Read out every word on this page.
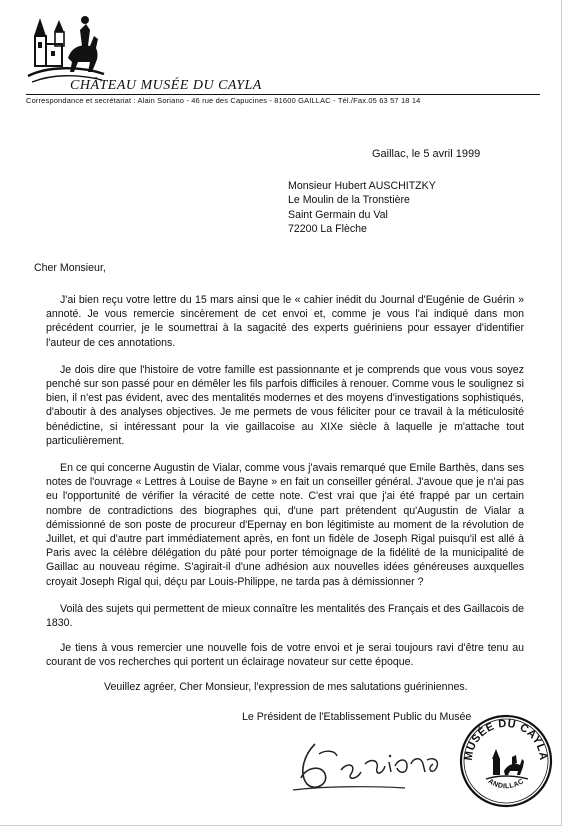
CHÂTEAU MUSÉE DU CAYLA
Correspondance et secrétariat : Alain Soriano - 46 rue des Capucines - 81600 GAILLAC - Tél./Fax.05 63 57 18 14
Gaillac, le 5 avril 1999
Monsieur Hubert AUSCHITZKY
Le Moulin de la Tronstière
Saint Germain du Val
72200 La Flèche
Cher Monsieur,

J'ai bien reçu votre lettre du 15 mars ainsi que le « cahier inédit du Journal d'Eugénie de Guérin » annoté. Je vous remercie sincèrement de cet envoi et, comme je vous l'ai indiqué dans mon précédent courrier, je le soumettrai à la sagacité des experts guériniens pour essayer d'identifier l'auteur de ces annotations.

Je dois dire que l'histoire de votre famille est passionnante et je comprends que vous vous soyez penché sur son passé pour en démêler les fils parfois difficiles à renouer. Comme vous le soulignez si bien, il n'est pas évident, avec des mentalités modernes et des moyens d'investigations sophistiqués, d'aboutir à des analyses objectives. Je me permets de vous féliciter pour ce travail à la méticulosité bénédictine, si intéressant pour la vie gaillacoise au XIXe siècle à laquelle je m'attache tout particulièrement.

En ce qui concerne Augustin de Vialar, comme vous j'avais remarqué que Emile Barthès, dans ses notes de l'ouvrage « Lettres à Louise de Bayne » en fait un conseiller général. J'avoue que je n'ai pas eu l'opportunité de vérifier la véracité de cette note. C'est vrai que j'ai été frappé par un certain nombre de contradictions des biographes qui, d'une part prétendent qu'Augustin de Vialar a démissionné de son poste de procureur d'Epernay en bon légitimiste au moment de la révolution de Juillet, et qui d'autre part immédiatement après, en font un fidèle de Joseph Rigal puisqu'il est allé à Paris avec la célèbre délégation du pâté pour porter témoignage de la fidélité de la municipalité de Gaillac au nouveau régime. S'agirait-il d'une adhésion aux nouvelles idées généreuses auxquelles croyait Joseph Rigal qui, déçu par Louis-Philippe, ne tarda pas à démissionner ?

Voilà des sujets qui permettent de mieux connaître les mentalités des Français et des Gaillacois de 1830.

Je tiens à vous remercier une nouvelle fois de votre envoi et je serai toujours ravi d'être tenu au courant de vos recherches qui portent un éclairage novateur sur cette époque.

Veuillez agréer, Cher Monsieur, l'expression de mes salutations guériniennes.
Le Président de l'Etablissement Public du Musée
MUSÉE DU CAYLA
ANDILLAC
